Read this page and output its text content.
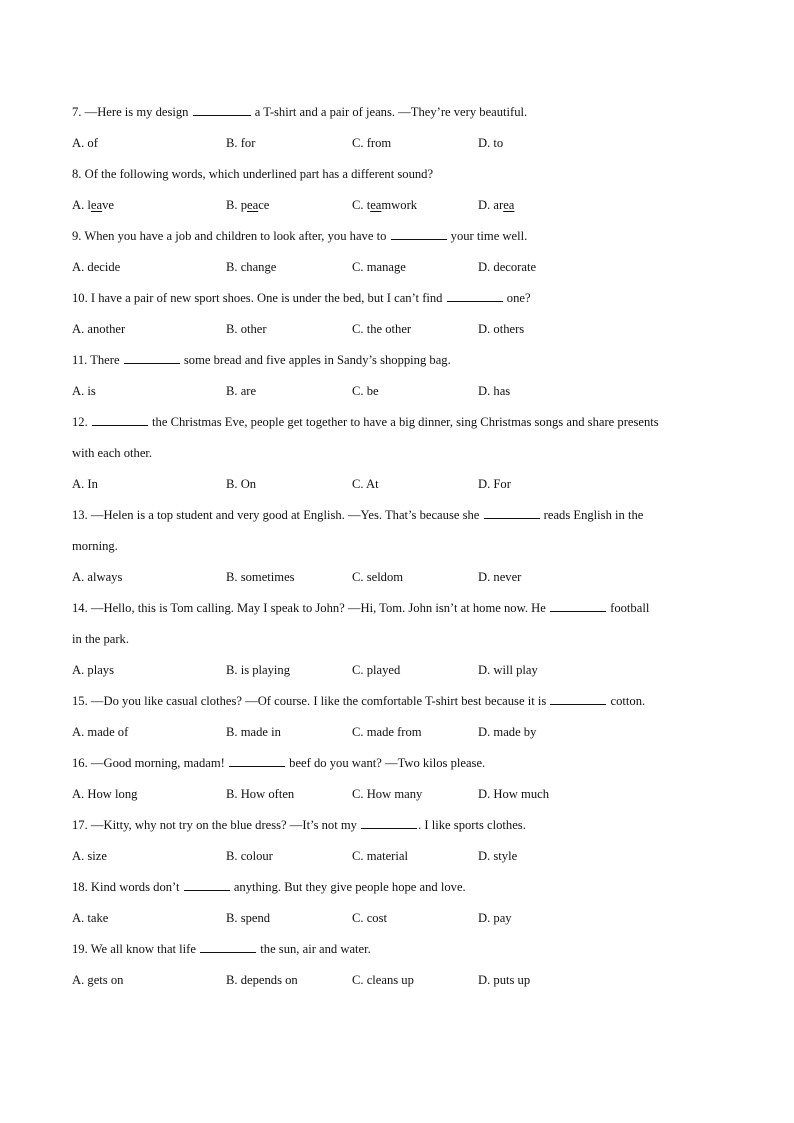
7. —Here is my design	a T-shirt and a pair of jeans. —They’re very beautiful.
A. of	B. for	C. from	D. to
8. Of the following words, which underlined part has a different sound?
A. leave	B. peace	C. teamwork	D. area
9. When you have a job and children to look after, you have to	your time well.
A. decide	B. change	C. manage	D. decorate
10. I have a pair of new sport shoes. One is under the bed, but I can’t find	one?
A. another	B. other	C. the other	D. others
11. There	some bread and five apples in Sandy’s shopping bag.
A. is	B. are	C. be	D. has
12.	the Christmas Eve, people get together to have a big dinner, sing Christmas songs and share presents
with each other.
A. In	B. On	C. At	D. For
13. —Helen is a top student and very good at English. —Yes. That’s because she	reads English in the
morning.
A. always	B. sometimes	C. seldom	D. never
14. —Hello, this is Tom calling. May I speak to John? —Hi, Tom. John isn’t at home now. He	football
in the park.
A. plays	B. is playing	C. played	D. will play
15. —Do you like casual clothes? —Of course. I like the comfortable T-shirt best because it is	cotton.
A. made of	B. made in	C. made from	D. made by
16. —Good morning, madam!	beef do you want? —Two kilos please.
A. How long	B. How often	C. How many	D. How much
17. —Kitty, why not try on the blue dress? —It’s not my	. I like sports clothes.
A. size	B. colour	C. material	D. style
18. Kind words don’t	anything. But they give people hope and love.
A. take	B. spend	C. cost	D. pay
19. We all know that life	the sun, air and water.
A. gets on	B. depends on	C. cleans up	D. puts up
